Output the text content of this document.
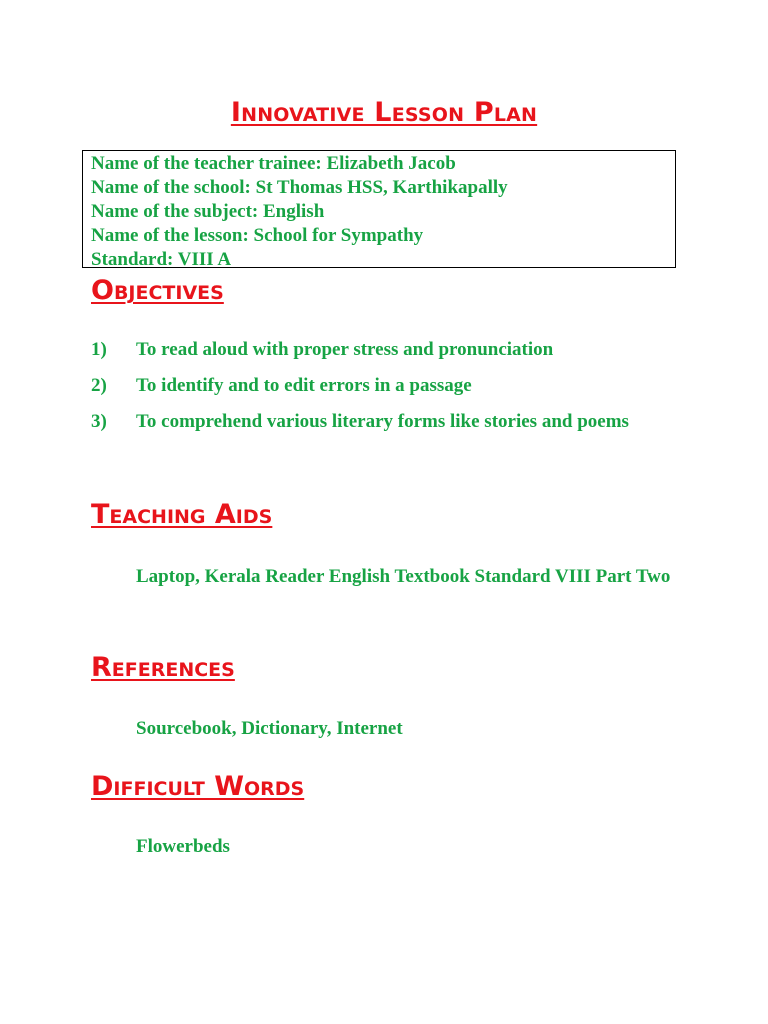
Innovative Lesson Plan
Name of the teacher trainee: Elizabeth Jacob
Name of the school: St Thomas HSS, Karthikapally
Name of the subject: English
Name of the lesson: School for Sympathy
Standard: VIII A
Objectives
1)	To read aloud with proper stress and pronunciation
2)	To identify and to edit errors in a passage
3)	To comprehend various literary forms like stories and poems
Teaching Aids

Laptop, Kerala Reader English Textbook Standard VIII Part Two

References

Sourcebook, Dictionary, Internet

Difficult Words

Flowerbeds
